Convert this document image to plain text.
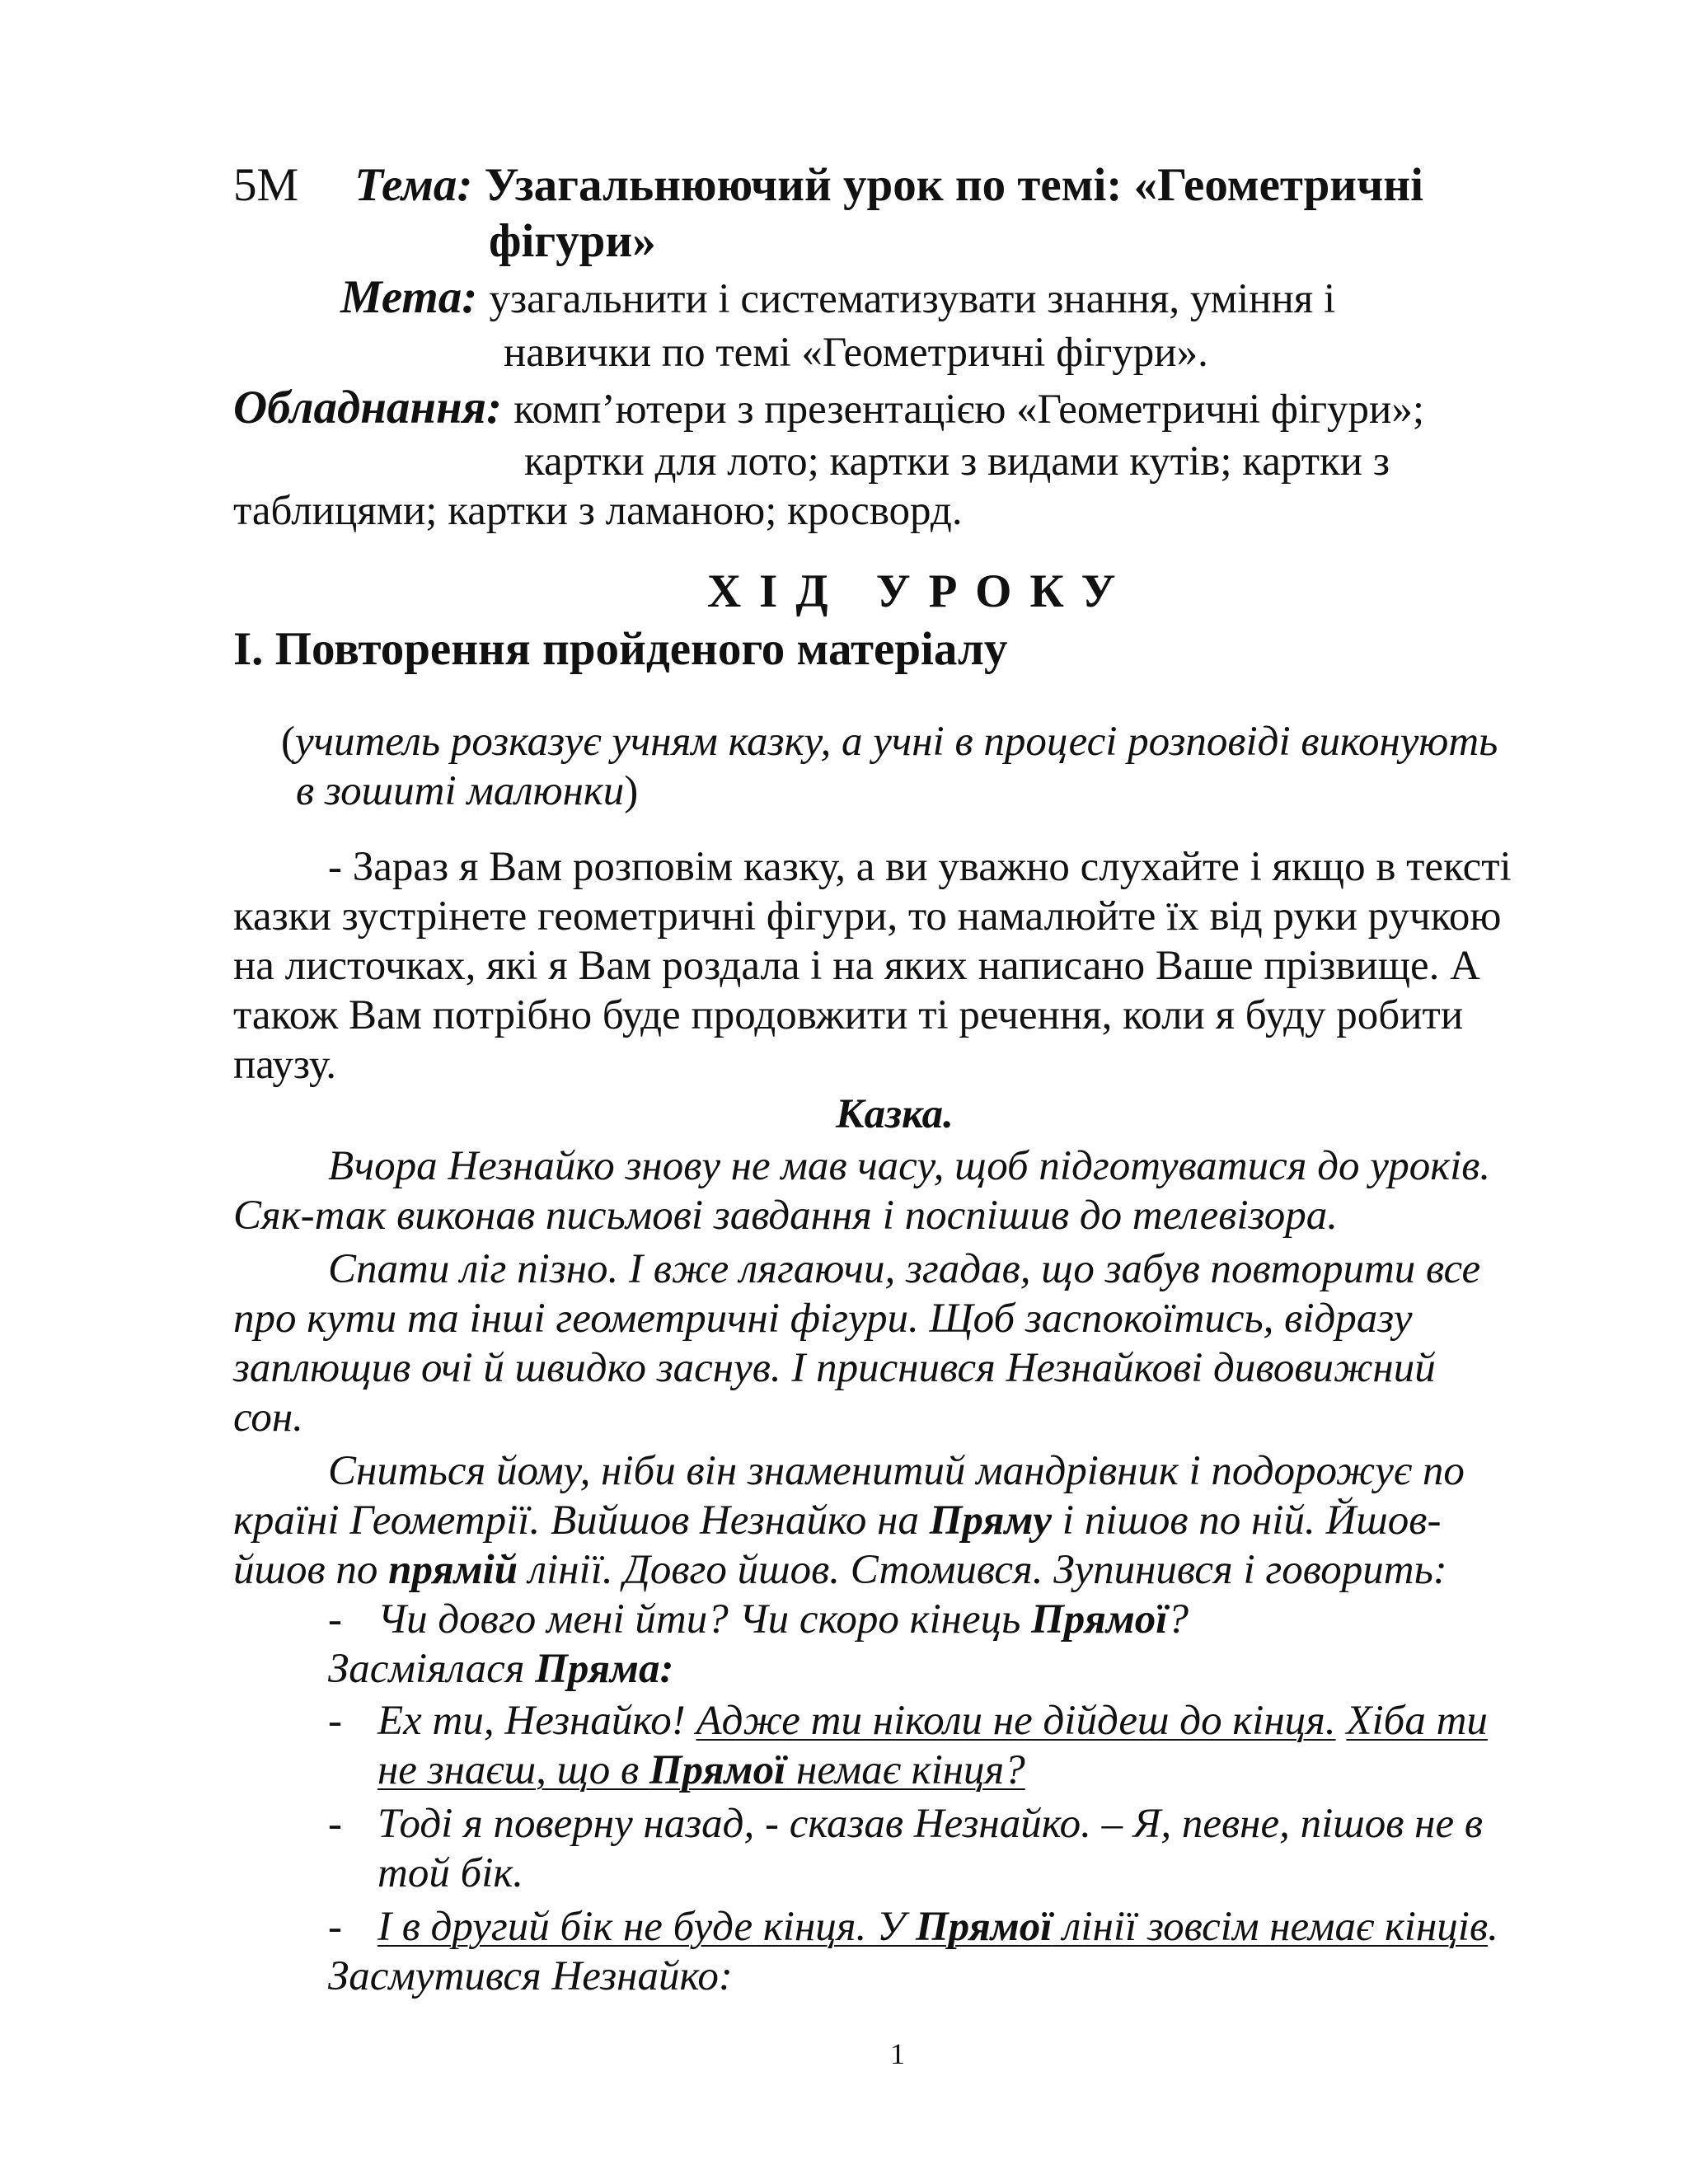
5М Тема: Узагальнюючий урок по темі: «Геометричні
фігури»
Мета: узагальнити і систематизувати знання, уміння і
навички по темі «Геометричні фігури».
Обладнання: комп’ютери з презентацією «Геометричні фігури»;
картки для лото; картки з видами кутів; картки з
таблицями; картки з ламаною; кросворд.
ХІД УРОКУ
І. Повторення пройденого матеріалу
(учитель розказує учням казку, а учні в процесі розповіді виконують
в зошиті малюнки)
- Зараз я Вам розповім казку, а ви уважно слухайте і якщо в тексті
казки зустрінете геометричні фігури, то намалюйте їх від руки ручкою
на листочках, які я Вам роздала і на яких написано Ваше прізвище. А
також Вам потрібно буде продовжити ті речення, коли я буду робити
паузу.
Казка.
Вчора Незнайко знову не мав часу, щоб підготуватися до уроків.
Сяк-так виконав письмові завдання і поспішив до телевізора.
Спати ліг пізно. І вже лягаючи, згадав, що забув повторити все
про кути та інші геометричні фігури. Щоб заспокоїтись, відразу
заплющив очі й швидко заснув. І приснився Незнайкові дивовижний
сон.
Сниться йому, ніби він знаменитий мандрівник і подорожує по
країні Геометрії. Вийшов Незнайко на Пряму і пішов по ній. Йшов-
йшов по прямій лінії. Довго йшов. Стомився. Зупинився і говорить:
- Чи довго мені йти? Чи скоро кінець Прямої?
Засміялася Пряма:
- Ех ти, Незнайко! Адже ти ніколи не дійдеш до кінця. Хіба ти
не знаєш, що в Прямої немає кінця?
- Тоді я поверну назад, - сказав Незнайко. – Я, певне, пішов не в
той бік.
- І в другий бік не буде кінця. У Прямої лінії зовсім немає кінців.
Засмутився Незнайко:
1
